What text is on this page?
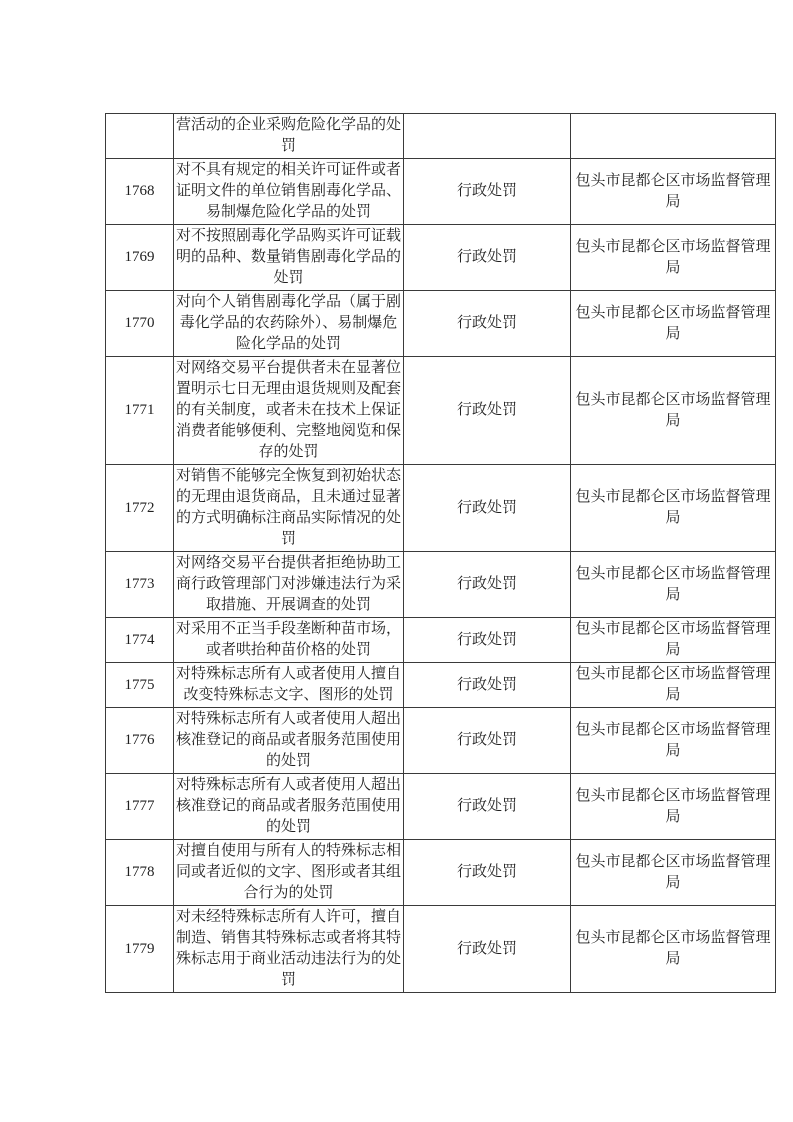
	营活动的企业采购危险化学品的处罚		
1768	对不具有规定的相关许可证件或者证明文件的单位销售剧毒化学品、易制爆危险化学品的处罚	行政处罚	包头市昆都仑区市场监督管理局
1769	对不按照剧毒化学品购买许可证载明的品种、数量销售剧毒化学品的处罚	行政处罚	包头市昆都仑区市场监督管理局
1770	对向个人销售剧毒化学品（属于剧毒化学品的农药除外）、易制爆危险化学品的处罚	行政处罚	包头市昆都仑区市场监督管理局
1771	对网络交易平台提供者未在显著位置明示七日无理由退货规则及配套的有关制度，或者未在技术上保证消费者能够便利、完整地阅览和保存的处罚	行政处罚	包头市昆都仑区市场监督管理局
1772	对销售不能够完全恢复到初始状态的无理由退货商品，且未通过显著的方式明确标注商品实际情况的处罚	行政处罚	包头市昆都仑区市场监督管理局
1773	对网络交易平台提供者拒绝协助工商行政管理部门对涉嫌违法行为采取措施、开展调查的处罚	行政处罚	包头市昆都仑区市场监督管理局
1774	对采用不正当手段垄断种苗市场，或者哄抬种苗价格的处罚	行政处罚	包头市昆都仑区市场监督管理局
1775	对特殊标志所有人或者使用人擅自改变特殊标志文字、图形的处罚	行政处罚	包头市昆都仑区市场监督管理局
1776	对特殊标志所有人或者使用人超出核准登记的商品或者服务范围使用的处罚	行政处罚	包头市昆都仑区市场监督管理局
1777	对特殊标志所有人或者使用人超出核准登记的商品或者服务范围使用的处罚	行政处罚	包头市昆都仑区市场监督管理局
1778	对擅自使用与所有人的特殊标志相同或者近似的文字、图形或者其组合行为的处罚	行政处罚	包头市昆都仑区市场监督管理局
1779	对未经特殊标志所有人许可，擅自制造、销售其特殊标志或者将其特殊标志用于商业活动违法行为的处罚	行政处罚	包头市昆都仑区市场监督管理局
